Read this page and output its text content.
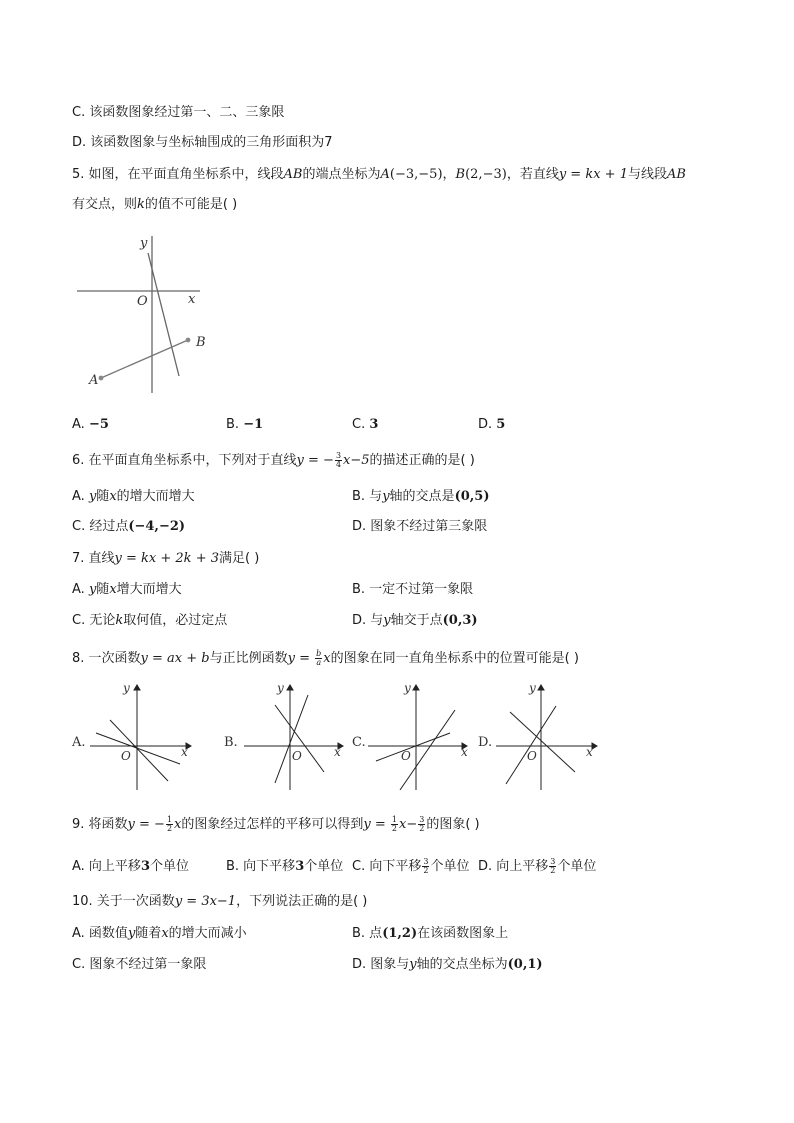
C. 该函数图象经过第一、二、三象限
D. 该函数图象与坐标轴围成的三角形面积为7
5. 如图，在平面直角坐标系中，线段AB的端点坐标为A(−3,−5)，B(2,−3)，若直线y = kx + 1与线段AB
有交点，则k的值不可能是( )
y
x
O
B
A
A. −5	B. −1	C. 3	D. 5
6. 在平面直角坐标系中，下列对于直线y = − $\frac{3}{4} x-5$的描述正确的是( )
A. y随x的增大而增大	B. 与y轴的交点是(0,5)
C. 经过点(−4,−2)	D. 图象不经过第三象限
7. 直线y = kx + 2k + 3满足( )
A. y随x增大而增大	B. 一定不过第一象限
C. 无论k取何值，必过定点	D. 与y轴交于点(0,3)
8. 一次函数y = ax + b与正比例函数$y = \frac{b}{a}$ x的图象在同一直角坐标系中的位置可能是( )
A.
y
x
O
B.
y
x
O
C.
y
x
O
D.
y
x
O
9. 将函数y = − $\frac{1}{2}$ x的图象经过怎样的平移可以得到$y = \frac{1}{2} x- \frac{3}{2}$ 的图象( )
A. 向上平移3个单位	B. 向下平移3个单位 C. 向下平移 $\frac{3}{2}$ 个单位 D. 向上平移 $\frac{3}{2}$ 个单位
10. 关于一次函数y = 3x−1，下列说法正确的是( )
A. 函数值y随着x的增大而减小	B. 点(1,2)在该函数图象上
C. 图象不经过第一象限	D. 图象与y轴的交点坐标为(0,1)
